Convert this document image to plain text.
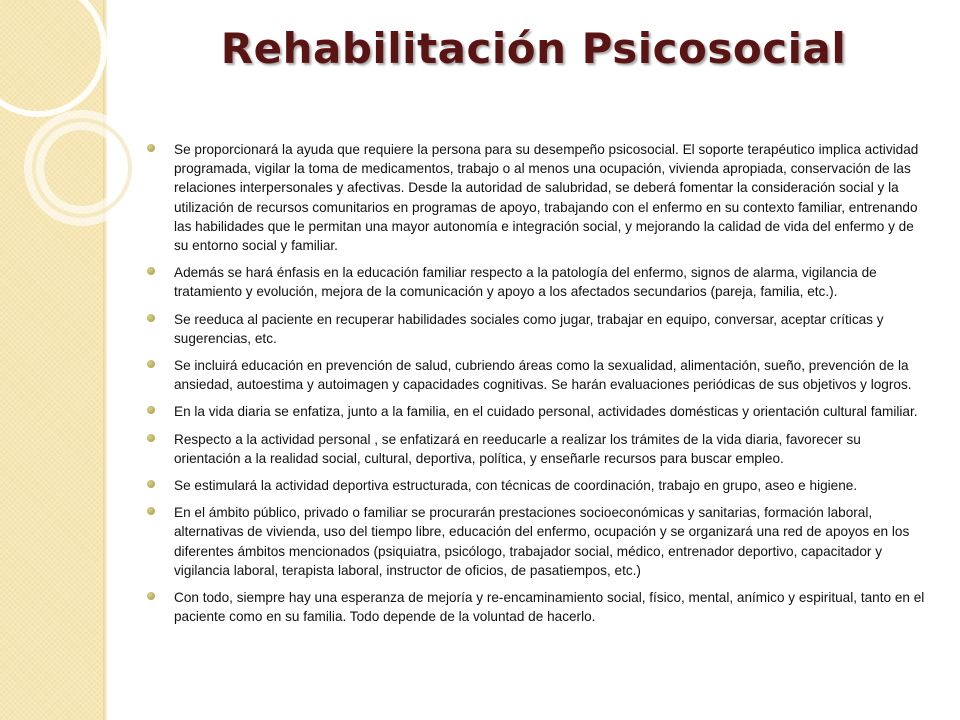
Rehabilitación Psicosocial
Se proporcionará la ayuda que requiere la persona para su desempeño psicosocial. El soporte terapéutico implica actividad programada, vigilar la toma de medicamentos, trabajo o al menos una ocupación, vivienda apropiada, conservación de las relaciones interpersonales y afectivas. Desde la autoridad de salubridad, se deberá fomentar la consideración social y la utilización de recursos comunitarios en programas de apoyo, trabajando con el enfermo en su contexto familiar, entrenando las habilidades que le permitan una mayor autonomía e integración social, y mejorando la calidad de vida del enfermo y de su entorno social y familiar.
Además se hará énfasis en la educación familiar respecto a la patología del enfermo, signos de alarma, vigilancia de tratamiento y evolución, mejora de la comunicación y apoyo a los afectados secundarios (pareja, familia, etc.).
Se reeduca al paciente en recuperar habilidades sociales como jugar, trabajar en equipo, conversar, aceptar críticas y sugerencias, etc.
Se incluirá educación en prevención de salud, cubriendo áreas como la sexualidad, alimentación, sueño, prevención de la ansiedad, autoestima y autoimagen y capacidades cognitivas. Se harán evaluaciones periódicas de sus objetivos y logros.
En la vida diaria se enfatiza, junto a la familia, en el cuidado personal, actividades domésticas y orientación cultural familiar.
Respecto a la actividad personal , se enfatizará en reeducarle a realizar los trámites de la vida diaria, favorecer su orientación a la realidad social, cultural, deportiva, política, y enseñarle recursos para buscar empleo.
Se estimulará la actividad deportiva estructurada, con técnicas de coordinación, trabajo en grupo, aseo e higiene.
En el ámbito público, privado o familiar se procurarán prestaciones socioeconómicas y sanitarias, formación laboral, alternativas de vivienda, uso del tiempo libre, educación del enfermo, ocupación y se organizará una red de apoyos en los diferentes ámbitos mencionados (psiquiatra, psicólogo, trabajador social, médico, entrenador deportivo, capacitador y vigilancia laboral, terapista laboral, instructor de oficios, de pasatiempos, etc.)
Con todo, siempre hay una esperanza de mejoría y re-encaminamiento social, físico, mental, anímico y espiritual, tanto en el paciente como en su familia. Todo depende de la voluntad de hacerlo.
